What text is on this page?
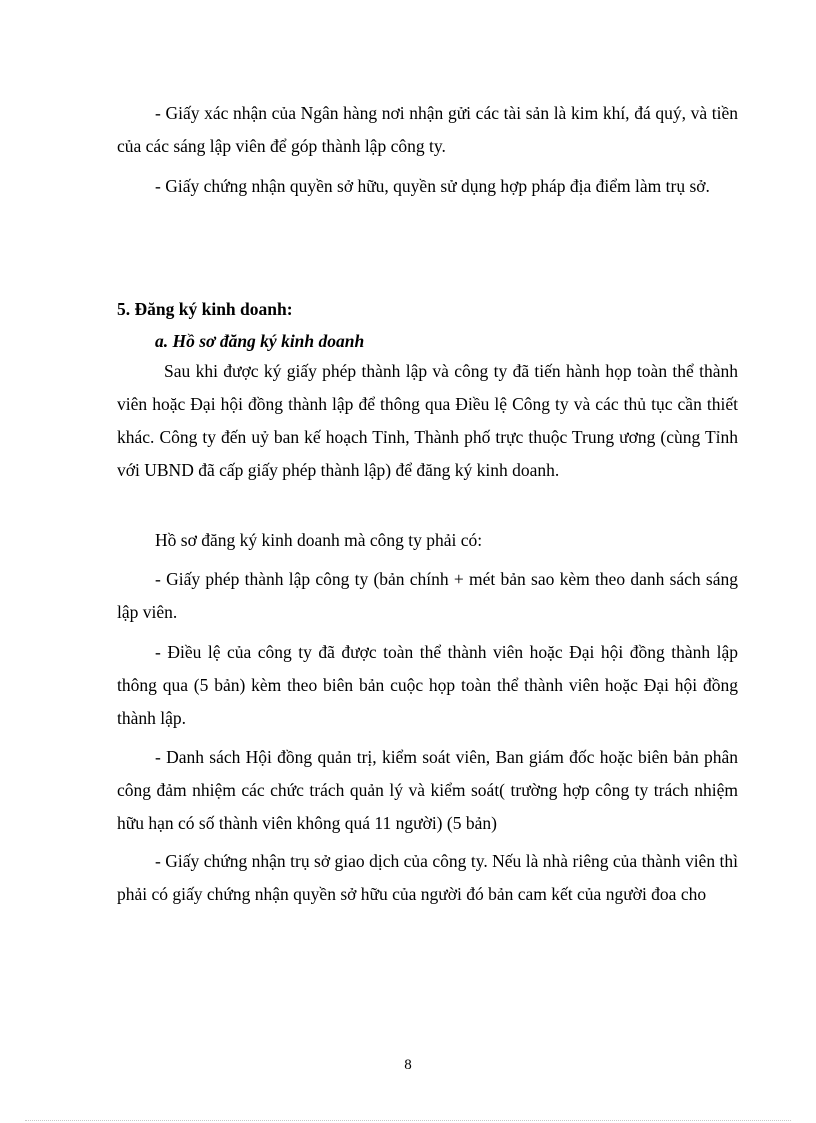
- Giấy xác nhận của Ngân hàng nơi nhận gửi các tài sản là kim khí, đá quý, và tiền của các sáng lập viên để góp thành lập công ty.

- Giấy chứng nhận quyền sở hữu, quyền sử dụng hợp pháp địa điểm làm trụ sở.

5. Đăng ký kinh doanh:

a. Hồ sơ đăng ký kinh doanh

Sau khi được ký giấy phép thành lập và công ty đã tiến hành họp toàn thể thành viên hoặc Đại hội đồng thành lập để thông qua Điều lệ Công ty và các thủ tục cần thiết khác. Công ty đến uỷ ban kế hoạch Tỉnh, Thành phố trực thuộc Trung ương (cùng Tỉnh với UBND đã cấp giấy phép thành lập) để đăng ký kinh doanh.

Hồ sơ đăng ký kinh doanh mà công ty phải có:

- Giấy phép thành lập công ty (bản chính + mét bản sao kèm theo danh sách sáng lập viên.

- Điều lệ của công ty đã được toàn thể thành viên hoặc Đại hội đồng thành lập thông qua (5 bản) kèm theo biên bản cuộc họp toàn thể thành viên hoặc Đại hội đồng thành lập.

- Danh sách Hội đồng quản trị, kiểm soát viên, Ban giám đốc hoặc biên bản phân công đảm nhiệm các chức trách quản lý và kiểm soát( trường hợp công ty trách nhiệm hữu hạn có số thành viên không quá 11 người) (5 bản)

- Giấy chứng nhận trụ sở giao dịch của công ty. Nếu là nhà riêng của thành viên thì phải có giấy chứng nhận quyền sở hữu của người đó bản cam kết của người đoa cho

8
